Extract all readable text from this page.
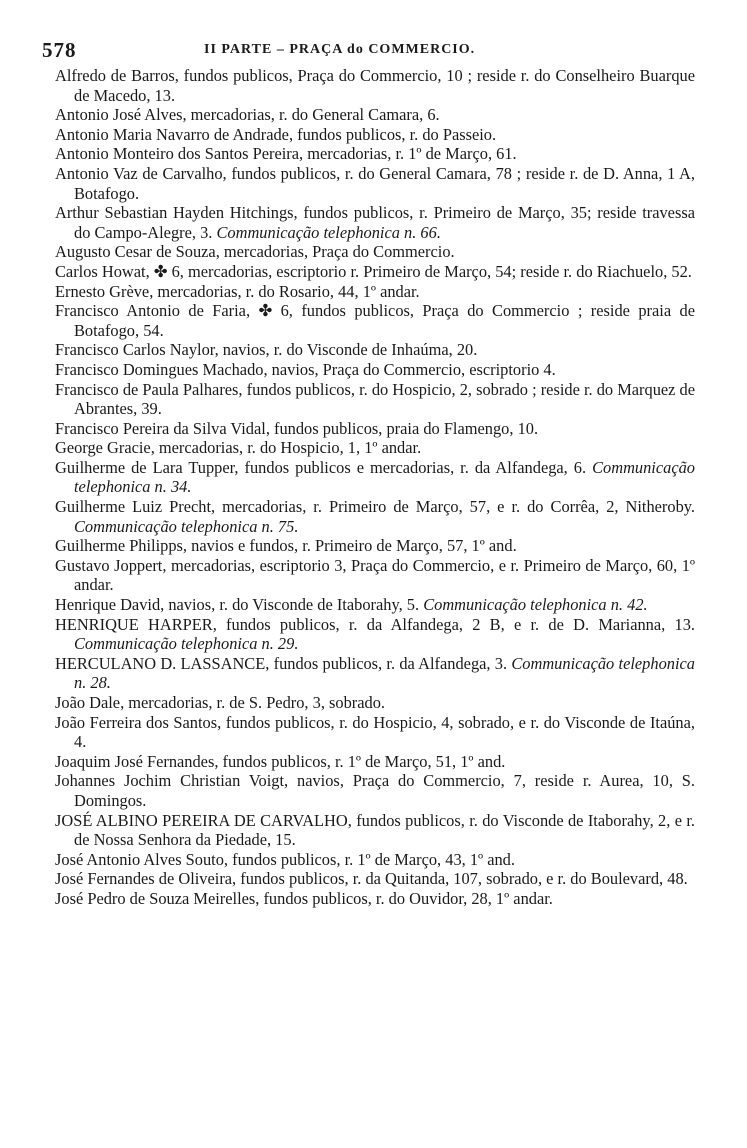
578	II PARTE – PRAÇA do COMMERCIO.
Alfredo de Barros, fundos publicos, Praça do Commercio, 10 ; reside r. do Conselheiro Buarque de Macedo, 13.
Antonio José Alves, mercadorias, r. do General Camara, 6.
Antonio Maria Navarro de Andrade, fundos publicos, r. do Passeio.
Antonio Monteiro dos Santos Pereira, mercadorias, r. 1º de Março, 61.
Antonio Vaz de Carvalho, fundos publicos, r. do General Camara, 78 ; reside r. de D. Anna, 1 A, Botafogo.
Arthur Sebastian Hayden Hitchings, fundos publicos, r. Primeiro de Março, 35; reside travessa do Campo-Alegre, 3. Communicação telephonica n. 66.
Augusto Cesar de Souza, mercadorias, Praça do Commercio.
Carlos Howat, ✤ 6, mercadorias, escriptorio r. Primeiro de Março, 54; reside r. do Riachuelo, 52.
Ernesto Grève, mercadorias, r. do Rosario, 44, 1º andar.
Francisco Antonio de Faria, ✤ 6, fundos publicos, Praça do Commercio ; reside praia de Botafogo, 54.
Francisco Carlos Naylor, navios, r. do Visconde de Inhaúma, 20.
Francisco Domingues Machado, navios, Praça do Commercio, escriptorio 4.
Francisco de Paula Palhares, fundos publicos, r. do Hospicio, 2, sobrado ; reside r. do Marquez de Abrantes, 39.
Francisco Pereira da Silva Vidal, fundos publicos, praia do Flamengo, 10.
George Gracie, mercadorias, r. do Hospicio, 1, 1º andar.
Guilherme de Lara Tupper, fundos publicos e mercadorias, r. da Alfandega, 6. Communicação telephonica n. 34.
Guilherme Luiz Precht, mercadorias, r. Primeiro de Março, 57, e r. do Corrêa, 2, Nitheroby. Communicação telephonica n. 75.
Guilherme Philipps, navios e fundos, r. Primeiro de Março, 57, 1º and.
Gustavo Joppert, mercadorias, escriptorio 3, Praça do Commercio, e r. Primeiro de Março, 60, 1º andar.
Henrique David, navios, r. do Visconde de Itaborahy, 5. Communicação telephonica n. 42.
HENRIQUE HARPER, fundos publicos, r. da Alfandega, 2 B, e r. de D. Marianna, 13. Communicação telephonica n. 29.
HERCULANO D. LASSANCE, fundos publicos, r. da Alfandega, 3. Communicação telephonica n. 28.
João Dale, mercadorias, r. de S. Pedro, 3, sobrado.
João Ferreira dos Santos, fundos publicos, r. do Hospicio, 4, sobrado, e r. do Visconde de Itaúna, 4.
Joaquim José Fernandes, fundos publicos, r. 1º de Março, 51, 1º and.
Johannes Jochim Christian Voigt, navios, Praça do Commercio, 7, reside r. Aurea, 10, S. Domingos.
JOSÉ ALBINO PEREIRA DE CARVALHO, fundos publicos, r. do Visconde de Itaborahy, 2, e r. de Nossa Senhora da Piedade, 15.
José Antonio Alves Souto, fundos publicos, r. 1º de Março, 43, 1º and.
José Fernandes de Oliveira, fundos publicos, r. da Quitanda, 107, sobrado, e r. do Boulevard, 48.
José Pedro de Souza Meirelles, fundos publicos, r. do Ouvidor, 28, 1º andar.
